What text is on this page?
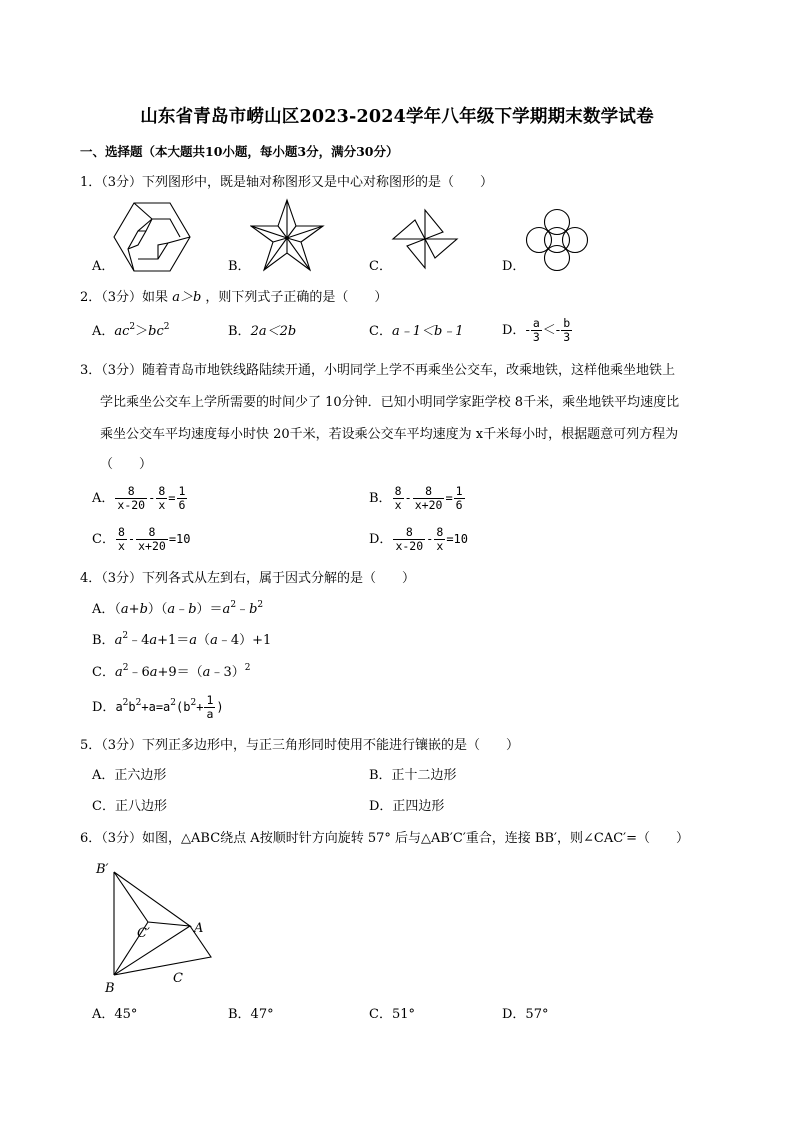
山东省青岛市崂山区2023-2024学年八年级下学期期末数学试卷
一、选择题（本大题共10小题，每小题3分，满分30分）
1．（3分）下列图形中，既是轴对称图形又是中心对称图形的是（　　）
A．	B．	C．	D．
2．（3分）如果 a＞b ，则下列式子正确的是（　　）
A．$ac^2>bc^2$	B．2a＜2b	C．a﹣1＜b﹣1	D．- $\frac{a}{3} <- \frac{b}{3}$
3．（3分）随着青岛市地铁线路陆续开通，小明同学上学不再乘坐公交车，改乘地铁，这样他乘坐地铁上
学比乘坐公交车上学所需要的时间少了 10分钟．已知小明同学家距学校 8千米，乘坐地铁平均速度比
乘坐公交车平均速度每小时快 20千米，若设乘公交车平均速度为 x千米每小时，根据题意可列方程为
（　　）
A． $\frac{8}{x-20} - \frac{8}{x} = \frac{1}{6}$	B． $\frac{8}{x} - \frac{8}{x+20} = \frac{1}{6}$
C． $\frac{8}{x} - \frac{8}{x+20} =10$	D． $\frac{8}{x-20} - \frac{8}{x} =10$
4．（3分）下列各式从左到右，属于因式分解的是（　　）
A．$(a+b)(a﹣b)=a^2﹣b^2$
B．$a^2﹣4a+1=a(a﹣4)+1$
C．$a^2﹣6a+9=(a﹣3)^2$
D．$a^2b^2+a=a^2(b^2+ \frac{1}{a}$ )
5．（3分）下列正多边形中，与正三角形同时使用不能进行镶嵌的是（　　）
A．正六边形	B．正十二边形
C．正八边形	D．正四边形
6．（3分）如图，△ABC绕点 A按顺时针方向旋转 57° 后与△AB′C′重合，连接 BB′，则∠CAC′=（　　）
B′
C′	A
B
C
A．45°	B．47°	C．51°	D．57°
